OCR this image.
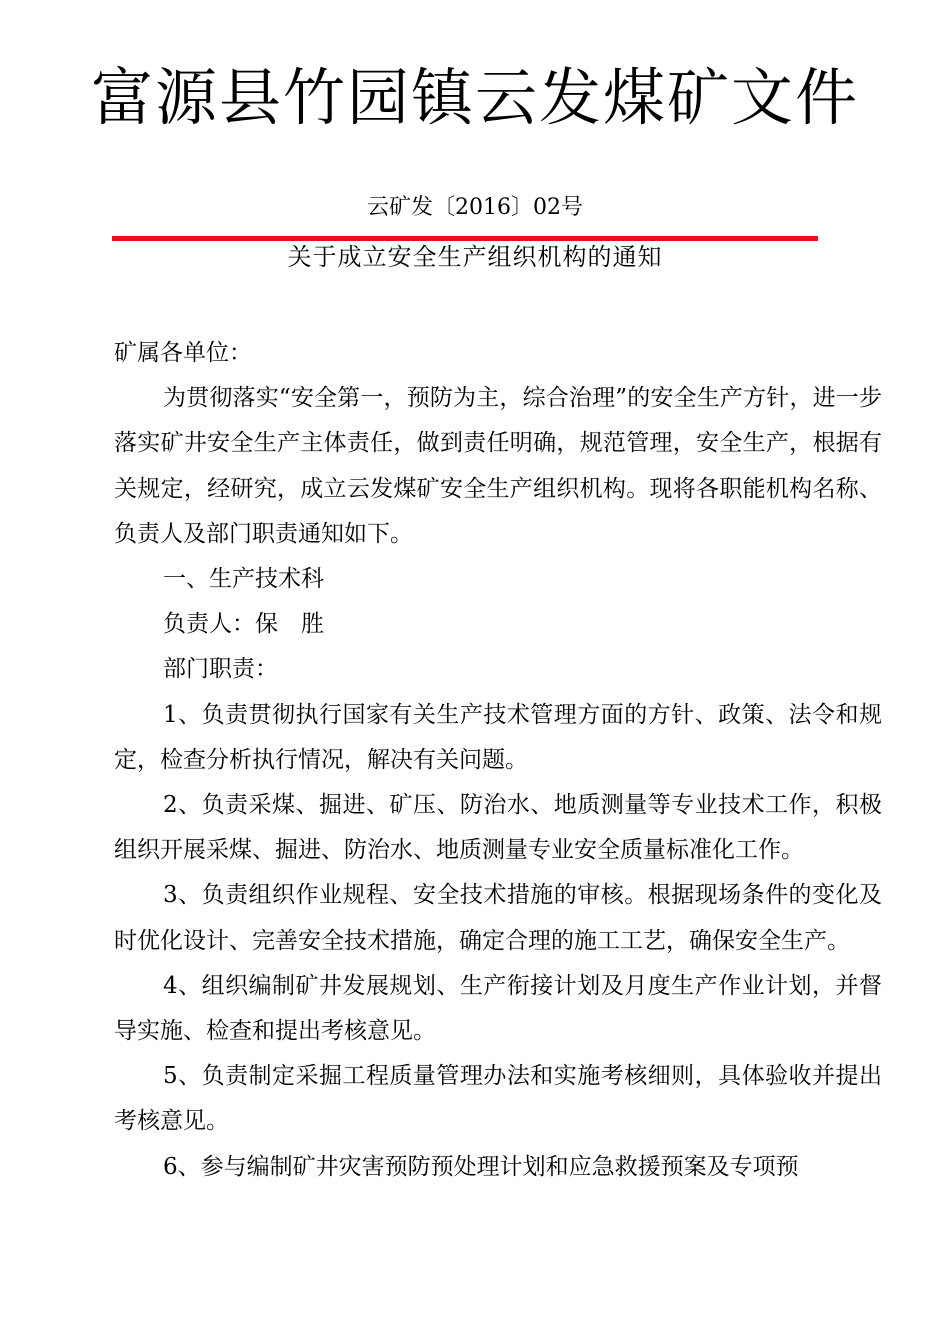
富源县竹园镇云发煤矿文件
云矿发〔2016〕02号
关于成立安全生产组织机构的通知

矿属各单位：

为贯彻落实“安全第一，预防为主，综合治理”的安全生产方针，进一步落实矿井安全生产主体责任，做到责任明确，规范管理，安全生产，根据有关规定，经研究，成立云发煤矿安全生产组织机构。现将各职能机构名称、负责人及部门职责通知如下。

一、生产技术科

负责人：保　胜

部门职责：

1、负责贯彻执行国家有关生产技术管理方面的方针、政策、法令和规定，检查分析执行情况，解决有关问题。

2、负责采煤、掘进、矿压、防治水、地质测量等专业技术工作，积极组织开展采煤、掘进、防治水、地质测量专业安全质量标准化工作。

3、负责组织作业规程、安全技术措施的审核。根据现场条件的变化及时优化设计、完善安全技术措施，确定合理的施工工艺，确保安全生产。

4、组织编制矿井发展规划、生产衔接计划及月度生产作业计划，并督导实施、检查和提出考核意见。

5、负责制定采掘工程质量管理办法和实施考核细则，具体验收并提出考核意见。

6、参与编制矿井灾害预防预处理计划和应急救援预案及专项预
